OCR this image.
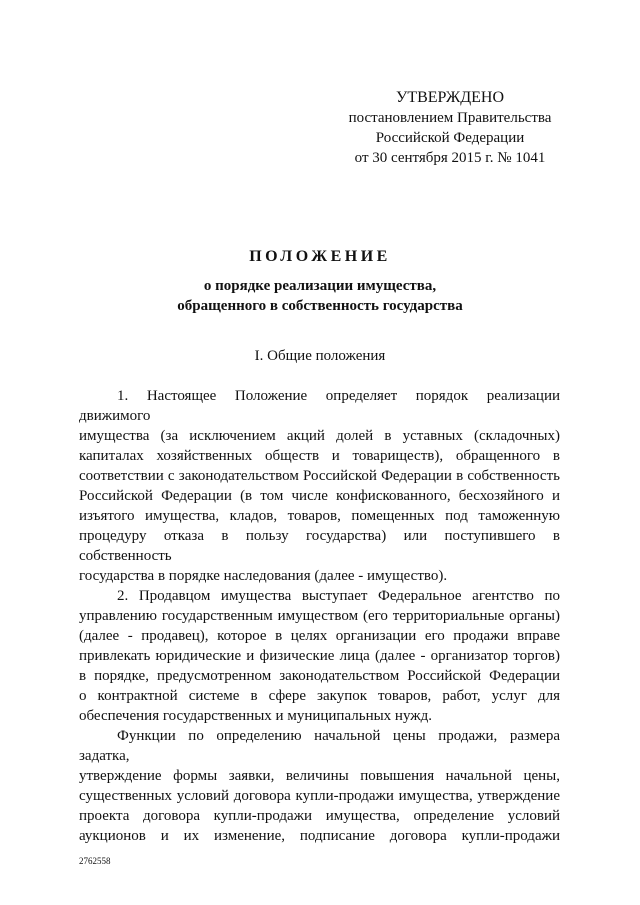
УТВЕРЖДЕНО
постановлением Правительства
Российской Федерации
от 30 сентября 2015 г. № 1041
ПОЛОЖЕНИЕ
о порядке реализации имущества,
обращенного в собственность государства
I. Общие положения
1. Настоящее Положение определяет порядок реализации движимого
имущества (за исключением акций долей в уставных (складочных)
капиталах хозяйственных обществ и товариществ), обращенного в
соответствии с законодательством Российской Федерации в собственность
Российской Федерации (в том числе конфискованного, бесхозяйного и
изъятого имущества, кладов, товаров, помещенных под таможенную
процедуру отказа в пользу государства) или поступившего в собственность
государства в порядке наследования (далее - имущество).
2. Продавцом имущества выступает Федеральное агентство по
управлению государственным имуществом (его территориальные органы)
(далее - продавец), которое в целях организации его продажи вправе
привлекать юридические и физические лица (далее - организатор торгов)
в порядке, предусмотренном законодательством Российской Федерации
о контрактной системе в сфере закупок товаров, работ, услуг для
обеспечения государственных и муниципальных нужд.
Функции по определению начальной цены продажи, размера задатка,
утверждение формы заявки, величины повышения начальной цены,
существенных условий договора купли-продажи имущества, утверждение
проекта договора купли-продажи имущества, определение условий
аукционов и их изменение, подписание договора купли-продажи
2762558
